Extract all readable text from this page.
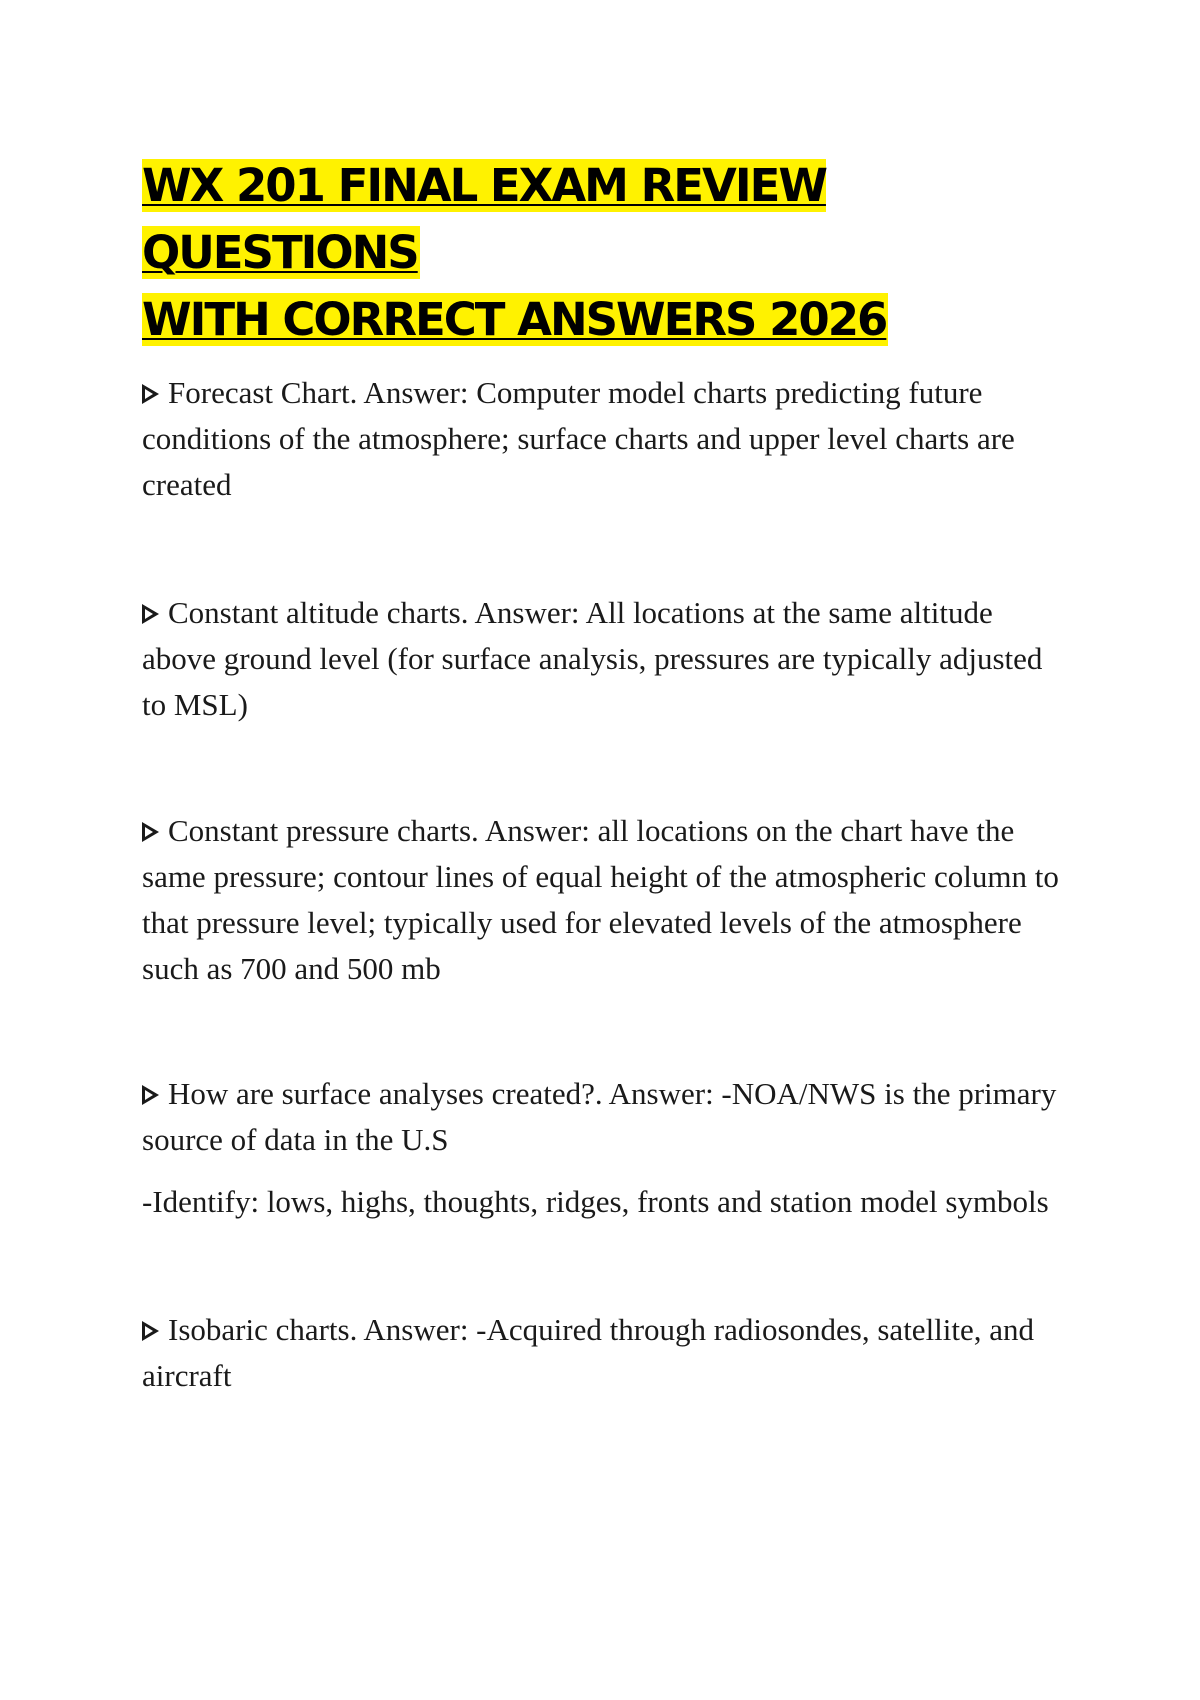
WX 201 FINAL EXAM REVIEW QUESTIONS
WITH CORRECT ANSWERS 2026

Forecast Chart. Answer: Computer model charts predicting future conditions of the atmosphere; surface charts and upper level charts are created

Constant altitude charts. Answer: All locations at the same altitude above ground level (for surface analysis, pressures are typically adjusted to MSL)

Constant pressure charts. Answer: all locations on the chart have the same pressure; contour lines of equal height of the atmospheric column to that pressure level; typically used for elevated levels of the atmosphere such as 700 and 500 mb

How are surface analyses created?. Answer: -NOA/NWS is the primary source of data in the U.S
-Identify: lows, highs, thoughts, ridges, fronts and station model symbols

Isobaric charts. Answer: -Acquired through radiosondes, satellite, and aircraft
